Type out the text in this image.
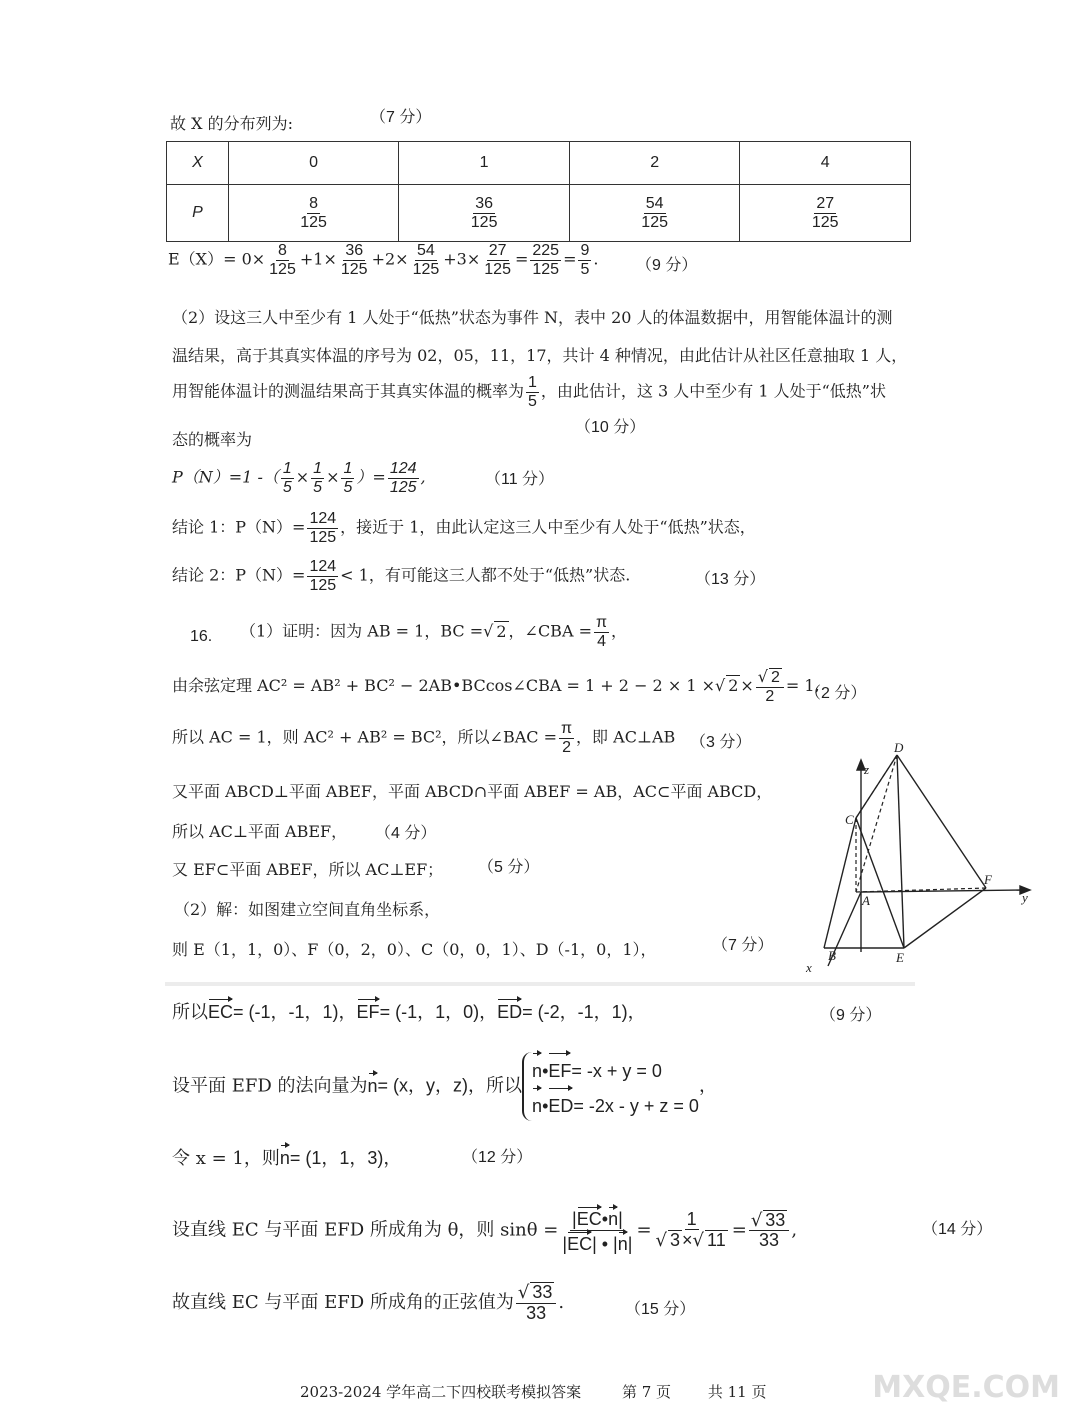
故 X 的分布列为:	（7 分）
X	0	1	2	4
P	$\frac{8}{125}$	$\frac{36}{125}$	$\frac{54}{125}$	$\frac{27}{125}$
$E(X)= 0\times \frac{8}{125} +1\times \frac{36}{125} +2\times \frac{54}{125} +3\times \frac{27}{125} = \frac{225}{125} = \frac{9}{5}$ . （9 分）
（2）设这三人中至少有 1 人处于“低热”状态为事件 N，表中 20 人的体温数据中，用智能体温计的测
温结果，高于其真实体温的序号为 02，05，11，17，共计 4 种情况，由此估计从社区任意抽取 1 人，
用智能体温计的测温结果高于其真实体温的概率为 $\frac{1}{5}$ ，由此估计，这 3 人中至少有 1 人处于“低热”状
态的概率为
（10 分）
P（N）=1 -（ $\frac{1}{5} \times \frac{1}{5} \times \frac{1}{5}$ ）= $\frac{124}{125}$ ,	（11 分）
结论 1：$P(N)= \frac{124}{125}$ ，接近于 1，由此认定这三人中至少有人处于“低热”状态，
结论 2：$P(N)= \frac{124}{125} < 1$，有可能这三人都不处于“低热”状态.	（13 分）
16. （1）证明：因为 AB = 1，BC =√ 2 ，∠CBA = $\frac{\pi}{4}$ ，
由余弦定理 AC² = AB² + BC² − 2AB•BCcos∠CBA = 1 + 2 − 2 × 1 ×√ $2 \times \frac{√ 2}{2} = 1$,
（2 分）
所以 AC = 1，则 AC² + AB² = BC²，所以∠BAC = $\frac{\pi}{2}$ ，即 AC⊥AB （3 分）
又平面 ABCD⊥平面 ABEF，平面 ABCD∩平面 ABEF = AB，AC⊂平面 ABCD，
所以 AC⊥平面 ABEF， （4 分）
又 EF⊂平面 ABEF，所以 AC⊥EF； （5 分）
（2）解：如图建立空间直角坐标系，
则 E（1，1，0）、F（0，2，0）、C（0，0，1）、D（-1，0，1），	（7 分）
D
z
C
A
F
y
B	E
x
所以EC= (-1，-1，1)，EF= (-1，1，0)，ED= (-2，-1，1)，	（9 分）
设平面 EFD 的法向量为n= (x，y，z)，所以
n•EF= -x + y = 0
n•ED= -2x - y + z = 0
，
令 x = 1，则n= (1，1，3)，	（12 分）
设直线 EC 与平面 EFD 所成角为 θ，则 $\sin\theta = \frac{|EC•n|}{|EC| • |n|} = \frac{1}{√ 3 \times√ 11} = \frac{√ 33}{33}$ ,	（14 分）
故直线 EC 与平面 EFD 所成角的正弦值为 $\frac{√ 33}{33}$ .	（15 分）
2023-2024 学年高二下四校联考模拟答案	第 7 页 共 11 页	MXQE.COM
